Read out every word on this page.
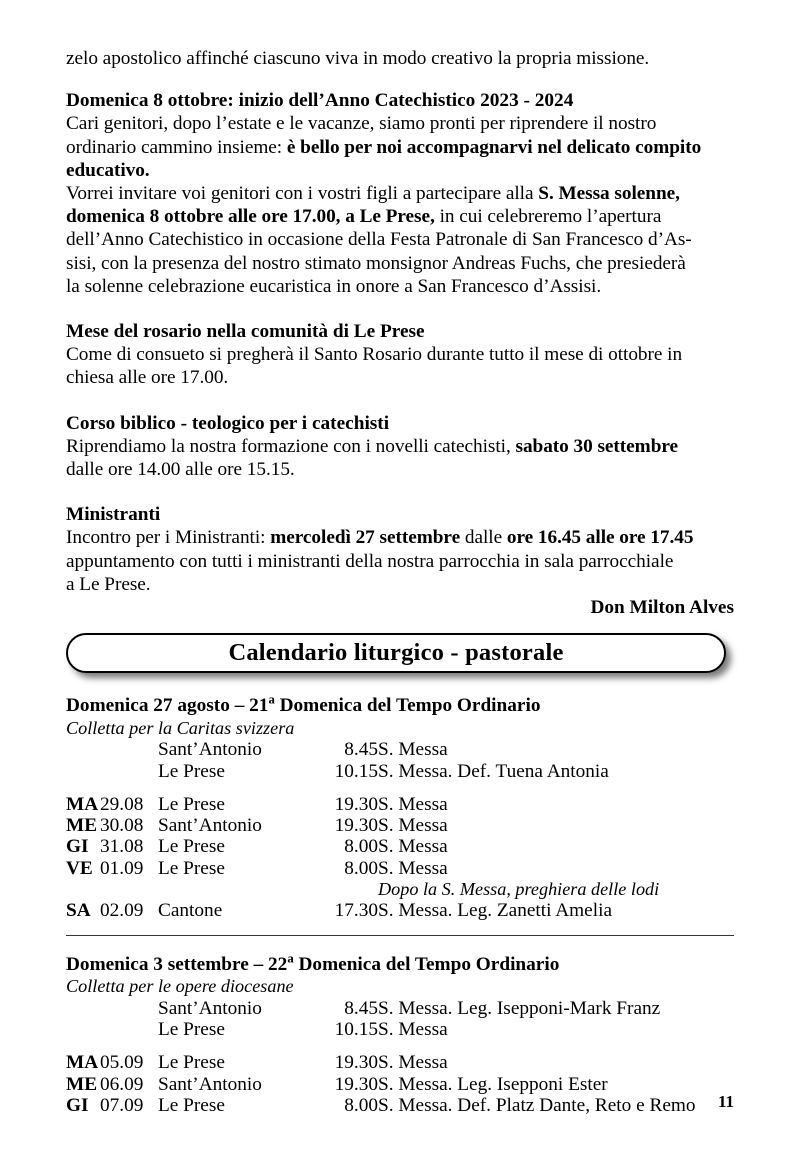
zelo apostolico affinché ciascuno viva in modo creativo la propria missione.

Domenica 8 ottobre: inizio dell’Anno Catechistico 2023 - 2024

Cari genitori, dopo l’estate e le vacanze, siamo pronti per riprendere il nostro
ordinario cammino insieme: è bello per noi accompagnarvi nel delicato compito
educativo.
Vorrei invitare voi genitori con i vostri figli a partecipare alla S. Messa solenne,
domenica 8 ottobre alle ore 17.00, a Le Prese, in cui celebreremo l’apertura
dell’Anno Catechistico in occasione della Festa Patronale di San Francesco d’As-
sisi, con la presenza del nostro stimato monsignor Andreas Fuchs, che presiederà
la solenne celebrazione eucaristica in onore a San Francesco d’Assisi.

Mese del rosario nella comunità di Le Prese

Come di consueto si pregherà il Santo Rosario durante tutto il mese di ottobre in
chiesa alle ore 17.00.

Corso biblico - teologico per i catechisti

Riprendiamo la nostra formazione con i novelli catechisti, sabato 30 settembre
dalle ore 14.00 alle ore 15.15.

Ministranti

Incontro per i Ministranti: mercoledì 27 settembre dalle ore 16.45 alle ore 17.45
appuntamento con tutti i ministranti della nostra parrocchia in sala parrocchiale
a Le Prese.

Don Milton Alves

Calendario liturgico - pastorale

Domenica 27 agosto – 21$^a$ Domenica del Tempo Ordinario

Colletta per la Caritas svizzera

		Sant’Antonio	8.45	S. Messa
		Le Prese	10.15	S. Messa. Def. Tuena Antonia

MA	29.08	Le Prese	19.30	S. Messa
ME	30.08	Sant’Antonio	19.30	S. Messa
GI	31.08	Le Prese	8.00	S. Messa
VE	01.09	Le Prese	8.00	S. Messa
				Dopo la S. Messa, preghiera delle lodi
SA	02.09	Cantone	17.30	S. Messa. Leg. Zanetti Amelia

Domenica 3 settembre – 22$^a$ Domenica del Tempo Ordinario

Colletta per le opere diocesane

		Sant’Antonio	8.45	S. Messa. Leg. Isepponi-Mark Franz
		Le Prese	10.15	S. Messa

MA	05.09	Le Prese	19.30	S. Messa
ME	06.09	Sant’Antonio	19.30	S. Messa. Leg. Isepponi Ester
GI	07.09	Le Prese	8.00	S. Messa. Def. Platz Dante, Reto e Remo	11
